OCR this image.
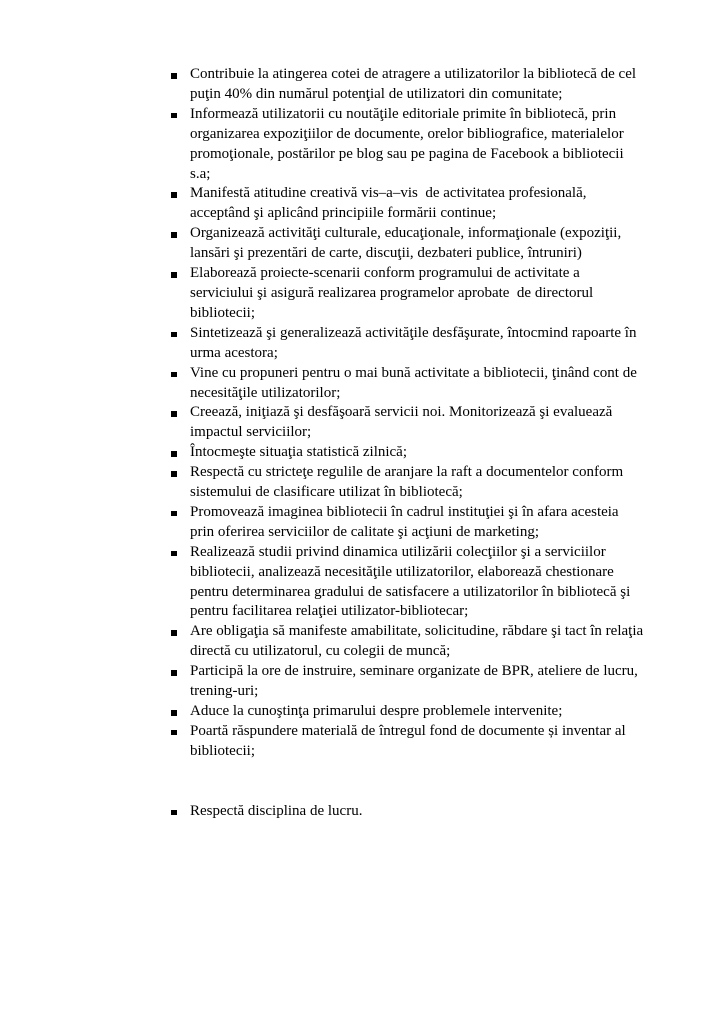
Contribuie la atingerea cotei de atragere a utilizatorilor la bibliotecă de cel puţin 40% din numărul potenţial de utilizatori din comunitate;
Informează utilizatorii cu noutăţile editoriale primite în bibliotecă, prin organizarea expoziţiilor de documente, orelor bibliografice, materialelor promoţionale, postărilor pe blog sau pe pagina de Facebook a bibliotecii s.a;
Manifestă atitudine creativă vis–a–vis  de activitatea profesională, acceptând şi aplicând principiile formării continue;
Organizează activităţi culturale, educaţionale, informaţionale (expoziţii, lansări şi prezentări de carte, discuţii, dezbateri publice, întruniri)
Elaborează proiecte-scenarii conform programului de activitate a serviciului şi asigură realizarea programelor aprobate  de directorul bibliotecii;
Sintetizează şi generalizează activităţile desfăşurate, întocmind rapoarte în urma acestora;
Vine cu propuneri pentru o mai bună activitate a bibliotecii, ţinând cont de necesităţile utilizatorilor;
Creează, iniţiază şi desfăşoară servicii noi. Monitorizează şi evaluează impactul serviciilor;
Întocmeşte situaţia statistică zilnică;
Respectă cu stricteţe regulile de aranjare la raft a documentelor conform sistemului de clasificare utilizat în bibliotecă;
Promovează imaginea bibliotecii în cadrul instituţiei şi în afara acesteia prin oferirea serviciilor de calitate şi acţiuni de marketing;
Realizează studii privind dinamica utilizării colecţiilor şi a serviciilor bibliotecii, analizează necesităţile utilizatorilor, elaborează chestionare pentru determinarea gradului de satisfacere a utilizatorilor în bibliotecă şi pentru facilitarea relaţiei utilizator-bibliotecar;
Are obligaţia să manifeste amabilitate, solicitudine, răbdare şi tact în relaţia directă cu utilizatorul, cu colegii de muncă;
Participă la ore de instruire, seminare organizate de BPR, ateliere de lucru, trening-uri;
Aduce la cunoştinţa primarului despre problemele intervenite;
Poartă răspundere materială de întregul fond de documente și inventar al bibliotecii;
Respectă disciplina de lucru.
